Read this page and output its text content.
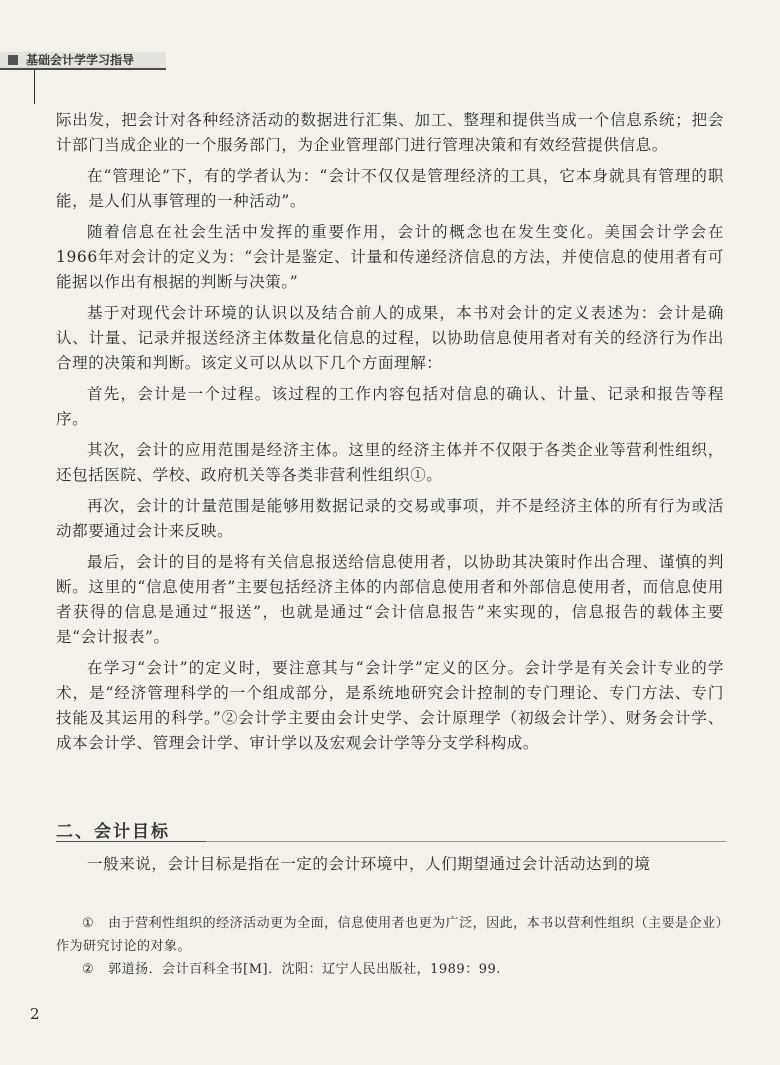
基础会计学学习指导

际出发，把会计对各种经济活动的数据进行汇集、加工、整理和提供当成一个信息系统；把会计部门当成企业的一个服务部门，为企业管理部门进行管理决策和有效经营提供信息。

在“管理论”下，有的学者认为：“会计不仅仅是管理经济的工具，它本身就具有管理的职能，是人们从事管理的一种活动”。

随着信息在社会生活中发挥的重要作用，会计的概念也在发生变化。美国会计学会在1966年对会计的定义为：“会计是鉴定、计量和传递经济信息的方法，并使信息的使用者有可能据以作出有根据的判断与决策。”

基于对现代会计环境的认识以及结合前人的成果，本书对会计的定义表述为：会计是确认、计量、记录并报送经济主体数量化信息的过程，以协助信息使用者对有关的经济行为作出合理的决策和判断。该定义可以从以下几个方面理解：

首先，会计是一个过程。该过程的工作内容包括对信息的确认、计量、记录和报告等程序。

其次，会计的应用范围是经济主体。这里的经济主体并不仅限于各类企业等营利性组织，还包括医院、学校、政府机关等各类非营利性组织①。

再次，会计的计量范围是能够用数据记录的交易或事项，并不是经济主体的所有行为或活动都要通过会计来反映。

最后，会计的目的是将有关信息报送给信息使用者，以协助其决策时作出合理、谨慎的判断。这里的“信息使用者”主要包括经济主体的内部信息使用者和外部信息使用者，而信息使用者获得的信息是通过“报送”，也就是通过“会计信息报告”来实现的，信息报告的载体主要是“会计报表”。

在学习“会计”的定义时，要注意其与“会计学”定义的区分。会计学是有关会计专业的学术，是“经济管理科学的一个组成部分，是系统地研究会计控制的专门理论、专门方法、专门技能及其运用的科学。”②会计学主要由会计史学、会计原理学（初级会计学）、财务会计学、成本会计学、管理会计学、审计学以及宏观会计学等分支学科构成。

二、会计目标

一般来说，会计目标是指在一定的会计环境中，人们期望通过会计活动达到的境

① 由于营利性组织的经济活动更为全面，信息使用者也更为广泛，因此，本书以营利性组织（主要是企业）作为研究讨论的对象。

② 郭道扬．会计百科全书[M]．沈阳：辽宁人民出版社，1989：99.

2
